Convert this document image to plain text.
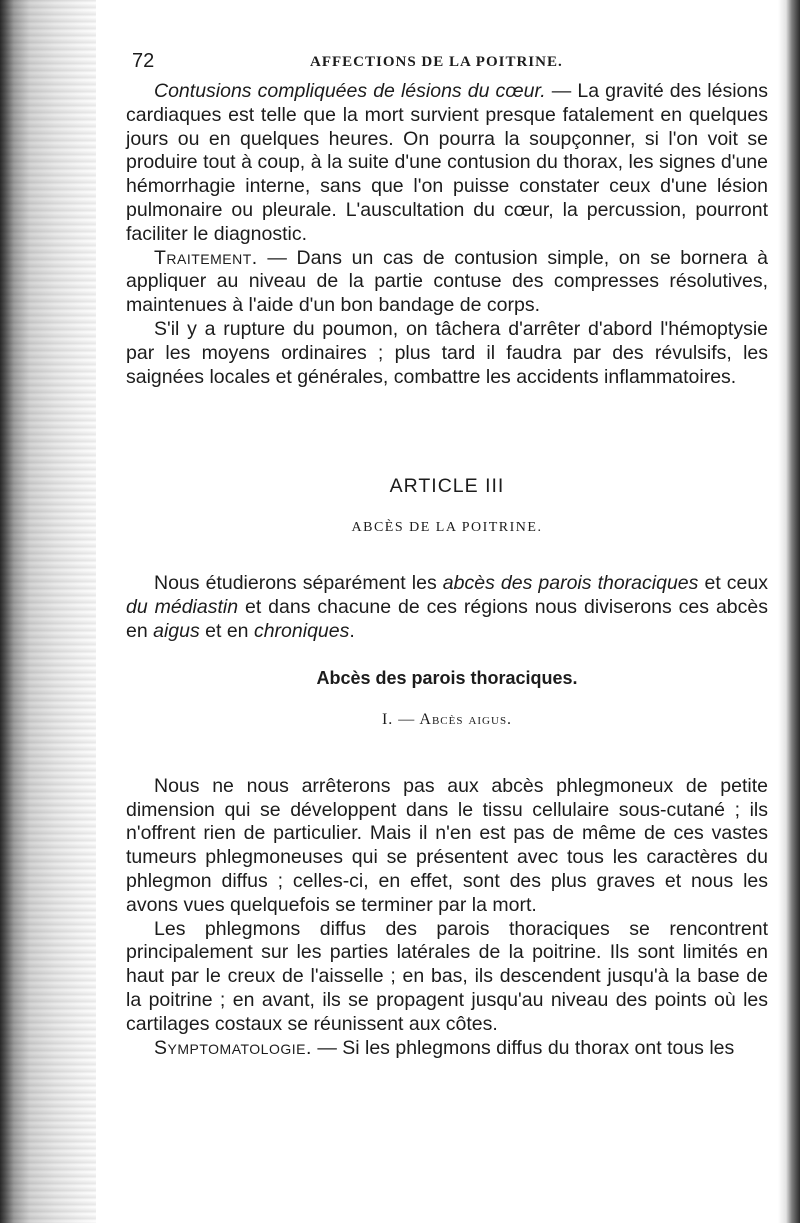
72	AFFECTIONS DE LA POITRINE.

Contusions compliquées de lésions du cœur. — La gravité des lésions cardiaques est telle que la mort survient presque fatalement en quelques jours ou en quelques heures. On pourra la soupçonner, si l'on voit se produire tout à coup, à la suite d'une contusion du thorax, les signes d'une hémorrhagie interne, sans que l'on puisse constater ceux d'une lésion pulmonaire ou pleurale. L'auscultation du cœur, la percussion, pourront faciliter le diagnostic.

Traitement. — Dans un cas de contusion simple, on se bornera à appliquer au niveau de la partie contuse des compresses résolutives, maintenues à l'aide d'un bon bandage de corps.

S'il y a rupture du poumon, on tâchera d'arrêter d'abord l'hémoptysie par les moyens ordinaires ; plus tard il faudra par des révulsifs, les saignées locales et générales, combattre les accidents inflammatoires.

ARTICLE III
ABCÈS DE LA POITRINE.

Nous étudierons séparément les abcès des parois thoraciques et ceux du médiastin et dans chacune de ces régions nous diviserons ces abcès en aigus et en chroniques.

Abcès des parois thoraciques.
I. — Abcès aigus.

Nous ne nous arrêterons pas aux abcès phlegmoneux de petite dimension qui se développent dans le tissu cellulaire sous-cutané ; ils n'offrent rien de particulier. Mais il n'en est pas de même de ces vastes tumeurs phlegmoneuses qui se présentent avec tous les caractères du phlegmon diffus ; celles-ci, en effet, sont des plus graves et nous les avons vues quelquefois se terminer par la mort.

Les phlegmons diffus des parois thoraciques se rencontrent principalement sur les parties latérales de la poitrine. Ils sont limités en haut par le creux de l'aisselle ; en bas, ils descendent jusqu'à la base de la poitrine ; en avant, ils se propagent jusqu'au niveau des points où les cartilages costaux se réunissent aux côtes.

Symptomatologie. — Si les phlegmons diffus du thorax ont tous les
